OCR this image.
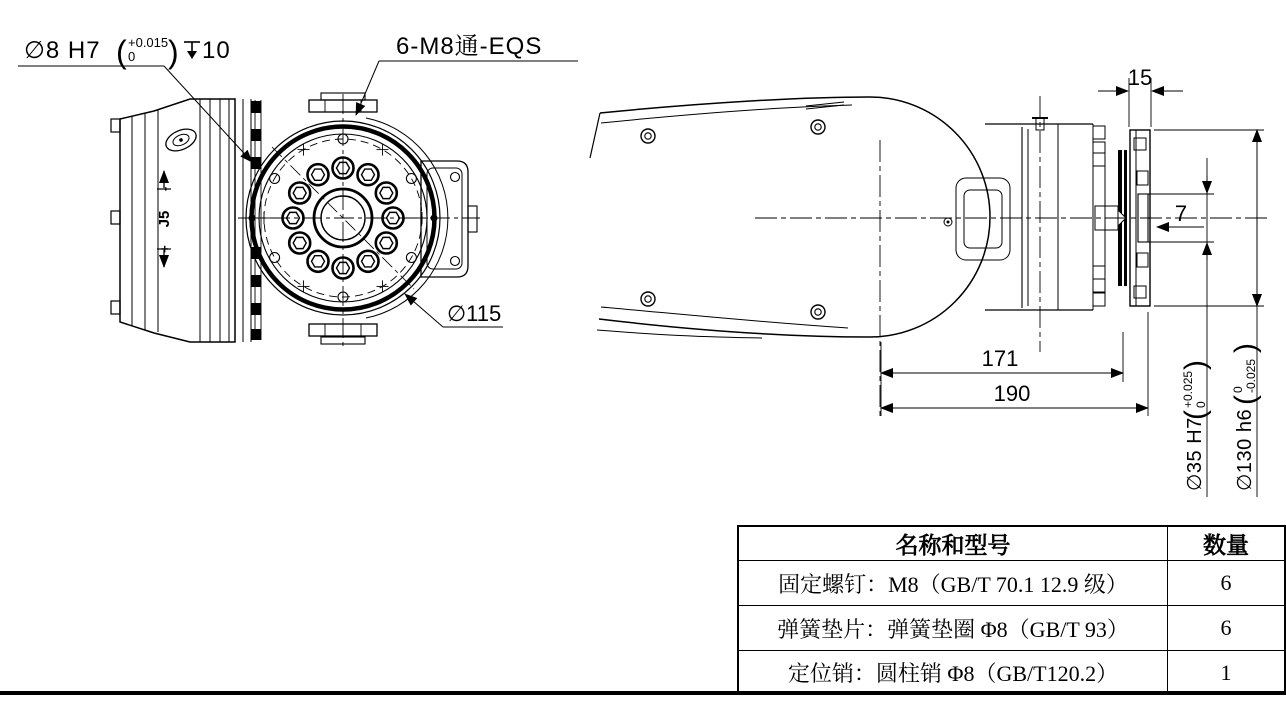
+
J5
-
∅8 H7 ( +0.015
0 ) 10	6-M8通-EQS
∅115
15
7
171
190
∅35 H7
(
+0.025 0
)
∅130 h6
(
0 -0.025
)
名称和型号	数量
固定螺钉：M8（GB/T 70.1 12.9 级）	6
弹簧垫片：弹簧垫圈 Φ8（GB/T 93）	6
定位销：圆柱销 Φ8（GB/T120.2）	1
